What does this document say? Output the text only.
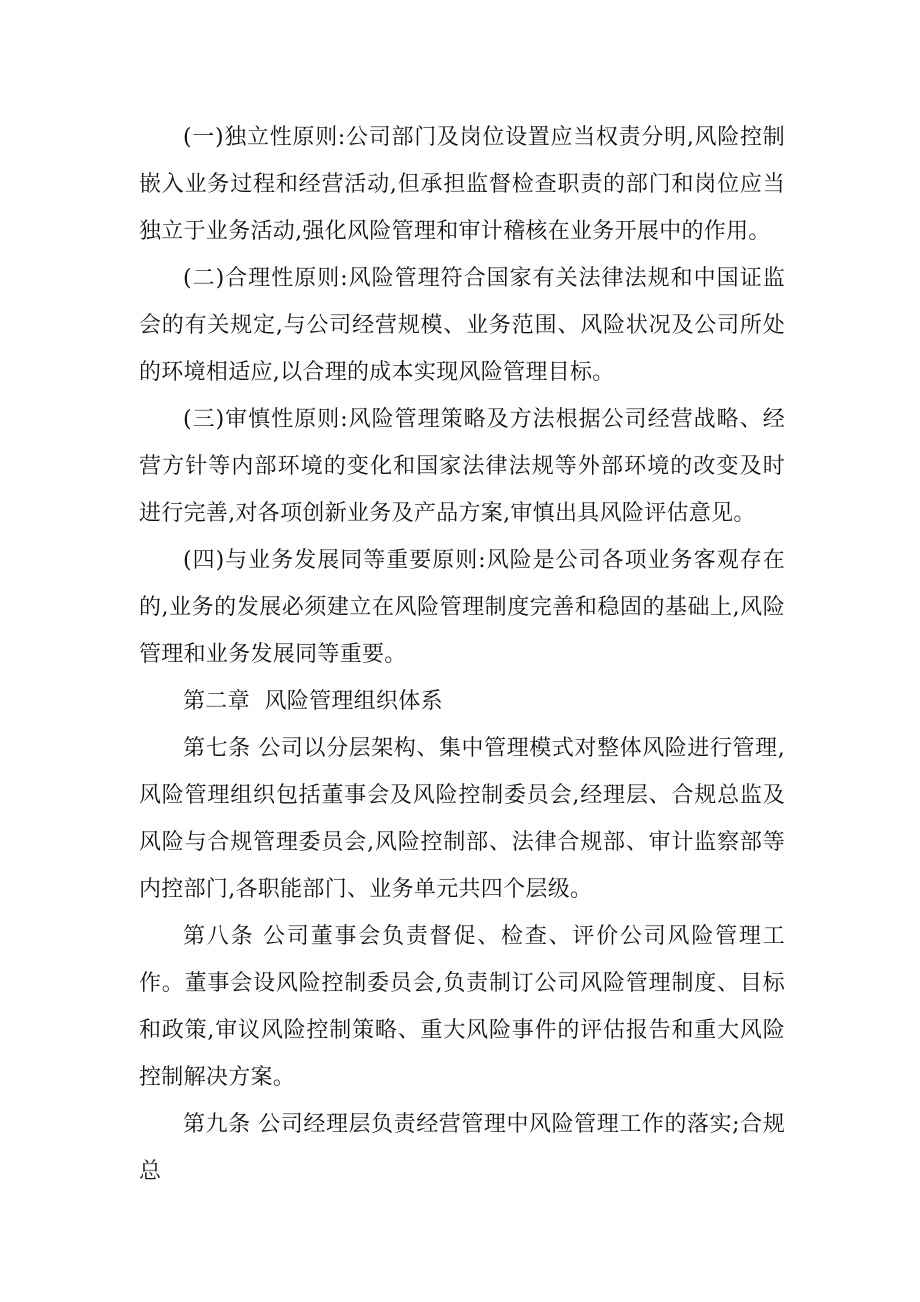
(一)独立性原则:公司部门及岗位设置应当权责分明,风险控制嵌入业务过程和经营活动,但承担监督检查职责的部门和岗位应当独立于业务活动,强化风险管理和审计稽核在业务开展中的作用。

(二)合理性原则:风险管理符合国家有关法律法规和中国证监会的有关规定,与公司经营规模、业务范围、风险状况及公司所处的环境相适应,以合理的成本实现风险管理目标。

(三)审慎性原则:风险管理策略及方法根据公司经营战略、经营方针等内部环境的变化和国家法律法规等外部环境的改变及时进行完善,对各项创新业务及产品方案,审慎出具风险评估意见。

(四)与业务发展同等重要原则:风险是公司各项业务客观存在的,业务的发展必须建立在风险管理制度完善和稳固的基础上,风险管理和业务发展同等重要。

第二章  风险管理组织体系

第七条 公司以分层架构、集中管理模式对整体风险进行管理,风险管理组织包括董事会及风险控制委员会,经理层、合规总监及风险与合规管理委员会,风险控制部、法律合规部、审计监察部等内控部门,各职能部门、业务单元共四个层级。

第八条 公司董事会负责督促、检查、评价公司风险管理工作。董事会设风险控制委员会,负责制订公司风险管理制度、目标和政策,审议风险控制策略、重大风险事件的评估报告和重大风险控制解决方案。

第九条 公司经理层负责经营管理中风险管理工作的落实;合规总
